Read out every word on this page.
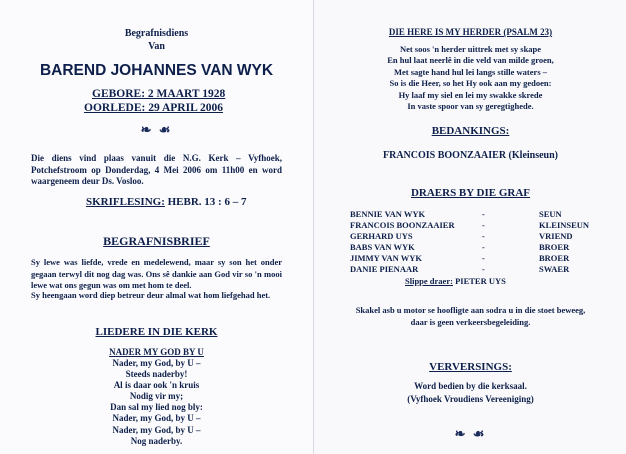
Begrafnisdiens
Van
BAREND JOHANNES VAN WYK
GEBORE: 2 MAART 1928
OORLEDE: 29 APRIL 2006
❧ ☙
Die diens vind plaas vanuit die N.G. Kerk – Vyfhoek, Potchefstroom op Donderdag, 4 Mei 2006 om 11h00 en word waargeneem deur Ds. Vosloo.
SKRIFLESING: HEBR. 13 : 6 – 7
BEGRAFNISBRIEF
Sy lewe was liefde, vrede en medelewend, maar sy son het onder gegaan terwyl dit nog dag was. Ons sê dankie aan God vir so 'n mooi lewe wat ons gegun was om met hom te deel.
Sy heengaan word diep betreur deur almal wat hom liefgehad het.
LIEDERE IN DIE KERK
NADER MY GOD BY U
Nader, my God, by U –
Steeds naderby!
Al is daar ook 'n kruis
Nodig vir my;
Dan sal my lied nog bly:
Nader, my God, by U –
Nader, my God, by U –
Nog naderby.
DIE HERE IS MY HERDER (PSALM 23)
Net soos 'n herder uittrek met sy skape
En hul laat neerlê in die veld van milde groen,
Met sagte hand hul lei langs stille waters –
So is die Heer, so het Hy ook aan my gedoen:
Hy laaf my siel en lei my swakke skrede
In vaste spoor van sy geregtighede.
BEDANKINGS:
FRANCOIS BOONZAAIER (Kleinseun)
DRAERS BY DIE GRAF
BENNIE VAN WYK	-	SEUN
FRANCOIS BOONZAAIER	-	KLEINSEUN
GERHARD UYS	-	VRIEND
BABS VAN WYK	-	BROER
JIMMY VAN WYK	-	BROER
DANIE PIENAAR	-	SWAER
Slippe draer: PIETER UYS
Skakel asb u motor se hoofligte aan sodra u in die stoet beweeg, daar is geen verkeersbegeleiding.
VERVERSINGS:
Word bedien by die kerksaal.
(Vyfhoek Vroudiens Vereeniging)
❧ ☙
